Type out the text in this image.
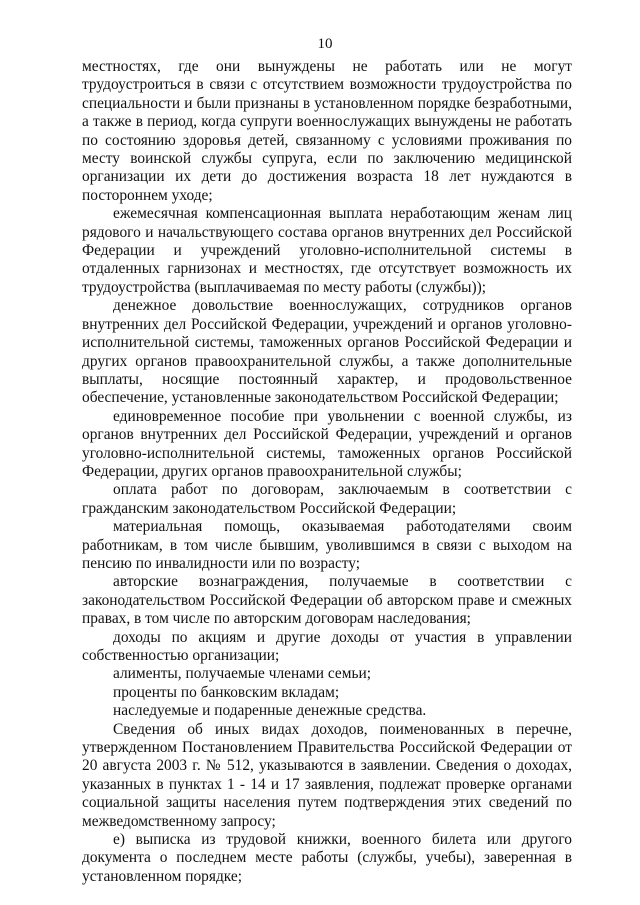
10

местностях, где они вынуждены не работать или не могут трудоустроиться в связи с отсутствием возможности трудоустройства по специальности и были признаны в установленном порядке безработными, а также в период, когда супруги военнослужащих вынуждены не работать по состоянию здоровья детей, связанному с условиями проживания по месту воинской службы супруга, если по заключению медицинской организации их дети до достижения возраста 18 лет нуждаются в постороннем уходе;

ежемесячная компенсационная выплата неработающим женам лиц рядового и начальствующего состава органов внутренних дел Российской Федерации и учреждений уголовно-исполнительной системы в отдаленных гарнизонах и местностях, где отсутствует возможность их трудоустройства (выплачиваемая по месту работы (службы));

денежное довольствие военнослужащих, сотрудников органов внутренних дел Российской Федерации, учреждений и органов уголовно-исполнительной системы, таможенных органов Российской Федерации и других органов правоохранительной службы, а также дополнительные выплаты, носящие постоянный характер, и продовольственное обеспечение, установленные законодательством Российской Федерации;

единовременное пособие при увольнении с военной службы, из органов внутренних дел Российской Федерации, учреждений и органов уголовно-исполнительной системы, таможенных органов Российской Федерации, других органов правоохранительной службы;

оплата работ по договорам, заключаемым в соответствии с гражданским законодательством Российской Федерации;

материальная помощь, оказываемая работодателями своим работникам, в том числе бывшим, уволившимся в связи с выходом на пенсию по инвалидности или по возрасту;

авторские вознаграждения, получаемые в соответствии с законодательством Российской Федерации об авторском праве и смежных правах, в том числе по авторским договорам наследования;

доходы по акциям и другие доходы от участия в управлении собственностью организации;

алименты, получаемые членами семьи;

проценты по банковским вкладам;

наследуемые и подаренные денежные средства.

Сведения об иных видах доходов, поименованных в перечне, утвержденном Постановлением Правительства Российской Федерации от 20 августа 2003 г. № 512, указываются в заявлении. Сведения о доходах, указанных в пунктах 1 - 14 и 17 заявления, подлежат проверке органами социальной защиты населения путем подтверждения этих сведений по межведомственному запросу;

е) выписка из трудовой книжки, военного билета или другого документа о последнем месте работы (службы, учебы), заверенная в установленном порядке;
